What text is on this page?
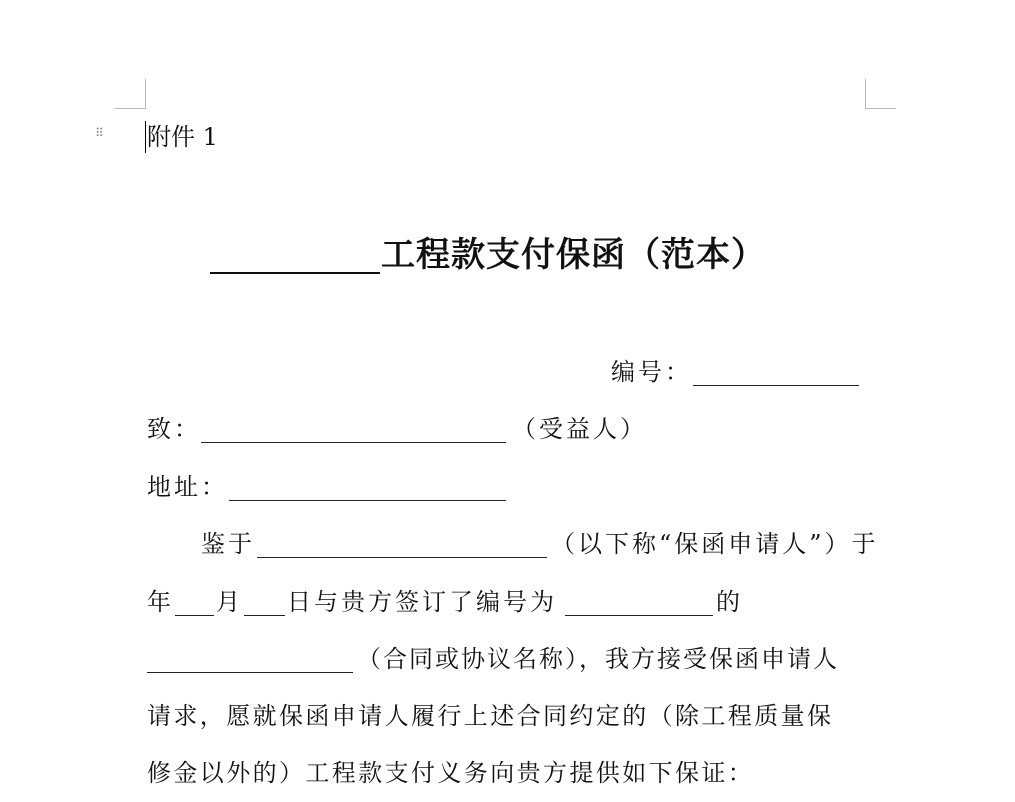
⠿ 附件 1
工程款支付保函（范本）
编号：
致：	（受益人）
地址：
鉴于	（以下称“保函申请人”）于
年 月 日与贵方签订了编号为	的
（合同或协议名称），我方接受保函申请人
请求，愿就保函申请人履行上述合同约定的（除工程质量保
修金以外的）工程款支付义务向贵方提供如下保证：
